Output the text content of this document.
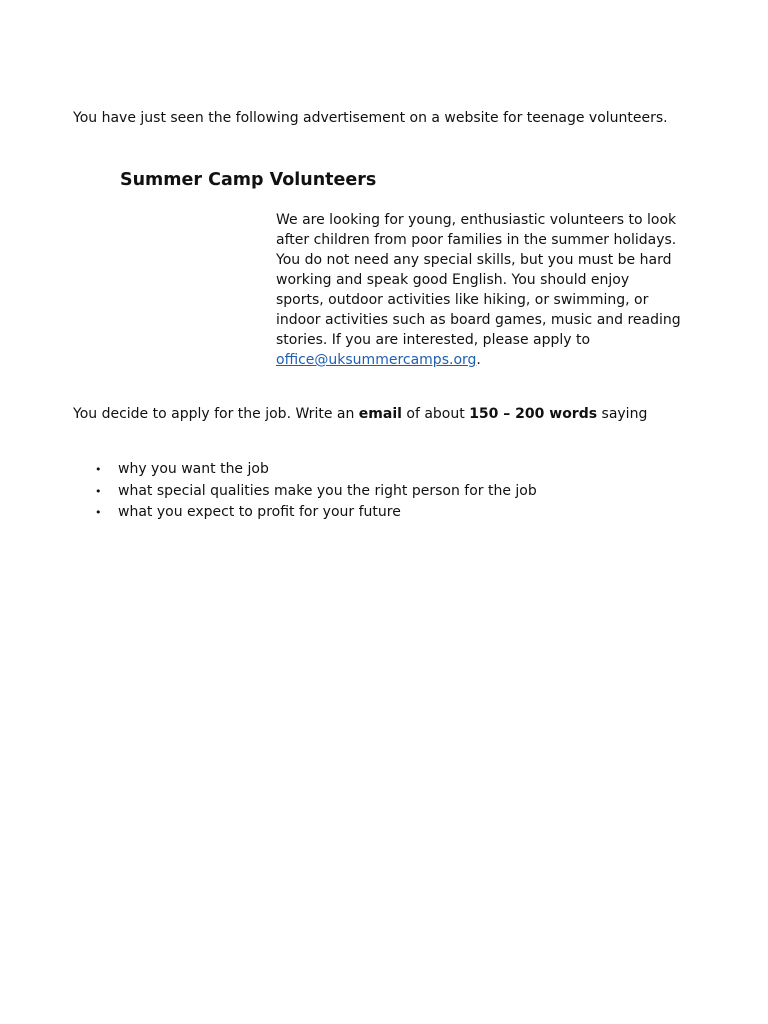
You have just seen the following advertisement on a website for teenage volunteers.

Summer Camp Volunteers
We are looking for young, enthusiastic volunteers to look
after children from poor families in the summer holidays.
You do not need any special skills, but you must be hard
working and speak good English. You should enjoy
sports, outdoor activities like hiking, or swimming, or
indoor activities such as board games, music and reading
stories. If you are interested, please apply to
office@uksummercamps.org.

You decide to apply for the job. Write an email of about 150 – 200 words saying

• why you want the job
• what special qualities make you the right person for the job
• what you expect to profit for your future
